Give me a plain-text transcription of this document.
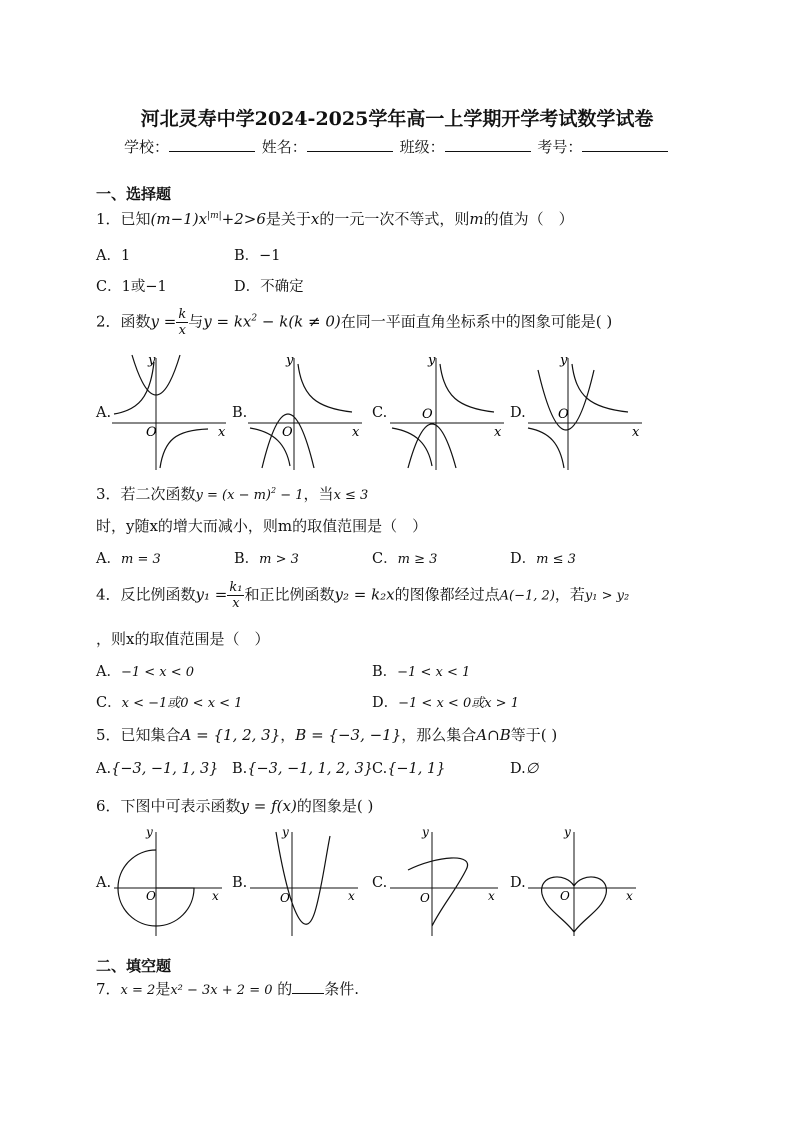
河北灵寿中学2024-2025学年高一上学期开学考试数学试卷
学校：	姓名：	班级：	考号：
一、选择题
1．已知$(m-1)x^{|m|}+2>6$是关于x的一元一次不等式，则m的值为（　）
A．1	B．−1
C．1或−1	D．不确定
2．函数$y = \frac{k}{x}$ 与$y = kx^2 - k(k \ne 0)$在同一平面直角坐标系中的图象可能是( )
A.
y
x
O
B.
y
x
O
C.
y
x
O	D.
y
x
O
3．若二次函数$y = (x - m)^2 - 1$，当x ≤ 3
时，y随x的增大而减小，则m的取值范围是（　）
A．m = 3	B．m > 3	C．m ≥ 3	D．m ≤ 3
4．反比例函数$y_1 = \frac{\text{k₁}}{x}$ 和正比例函数y₂ = k₂x的图像都经过点A(−1, 2)，若y₁ > y₂
，则x的取值范围是（　）
A．−1 < x < 0	B．−1 < x < 1
C．x < −1或0 < x < 1	D．−1 < x < 0或x > 1
5．已知集合A = {1, 2, 3}，B = {−3, −1}，那么集合A∩B等于( )
A.{−3, −1, 1, 3} B.{−3, −1, 1, 2, 3}
C.{−1, 1}	D.∅
6．下图中可表示函数y = f(x)的图象是( )
A.
y
x
O
B.
y
x
O
C.
y
x
O
D.
y
x
O
二、填空题
7．x = 2是x² − 3x + 2 = 0 的 条件.
